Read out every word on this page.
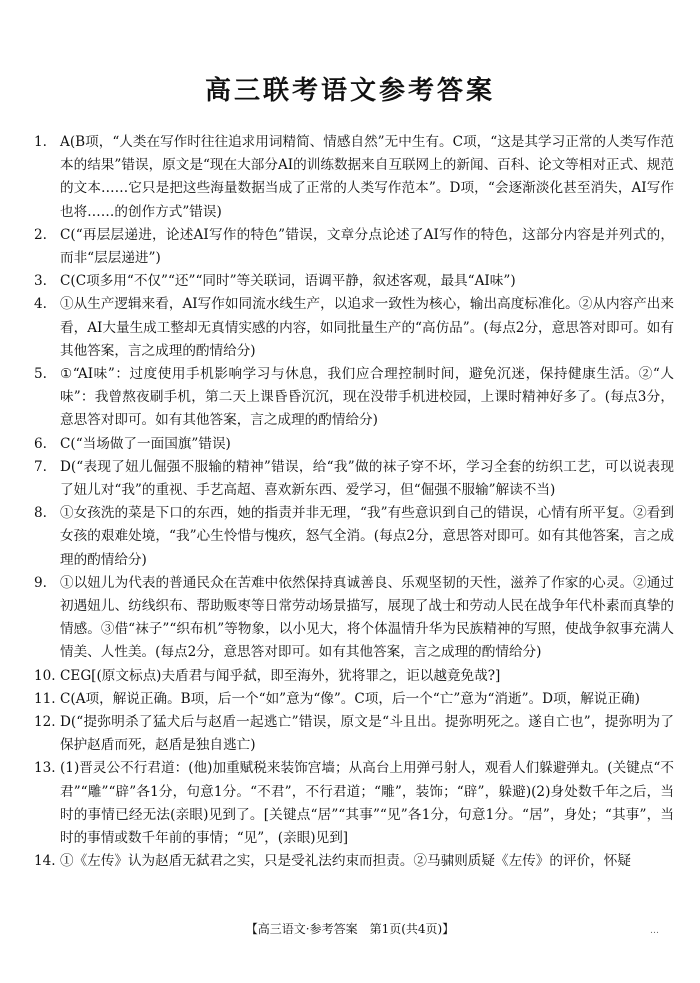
高三联考语文参考答案
1. A(B项，“人类在写作时往往追求用词精简、情感自然”无中生有。C项，“这是其学习正常的人类写作范本的结果”错误，原文是“现在大部分AI的训练数据来自互联网上的新闻、百科、论文等相对正式、规范的文本……它只是把这些海量数据当成了正常的人类写作范本”。D项，“会逐渐淡化甚至消失，AI写作也将……的创作方式”错误)
2. C(“再层层递进，论述AI写作的特色”错误，文章分点论述了AI写作的特色，这部分内容是并列式的，而非“层层递进”)
3. C(C项多用“不仅”“还”“同时”等关联词，语调平静，叙述客观，最具“AI味”)
4. ①从生产逻辑来看，AI写作如同流水线生产，以追求一致性为核心，输出高度标准化。②从内容产出来看，AI大量生成工整却无真情实感的内容，如同批量生产的“高仿品”。(每点2分，意思答对即可。如有其他答案，言之成理的酌情给分)
5. ①“AI味”：过度使用手机影响学习与休息，我们应合理控制时间，避免沉迷，保持健康生活。②“人味”：我曾熬夜刷手机，第二天上课昏昏沉沉，现在没带手机进校园，上课时精神好多了。(每点3分，意思答对即可。如有其他答案，言之成理的酌情给分)
6. C(“当场做了一面国旗”错误)
7. D(“表现了妞儿倔强不服输的精神”错误，给“我”做的袜子穿不坏，学习全套的纺织工艺，可以说表现了妞儿对“我”的重视、手艺高超、喜欢新东西、爱学习，但“倔强不服输”解读不当)
8. ①女孩洗的菜是下口的东西，她的指责并非无理，“我”有些意识到自己的错误，心情有所平复。②看到女孩的艰难处境，“我”心生怜惜与愧疚，怒气全消。(每点2分，意思答对即可。如有其他答案，言之成理的酌情给分)
9. ①以妞儿为代表的普通民众在苦难中依然保持真诚善良、乐观坚韧的天性，滋养了作家的心灵。②通过初遇妞儿、纺线织布、帮助贩枣等日常劳动场景描写，展现了战士和劳动人民在战争年代朴素而真挚的情感。③借“袜子”“织布机”等物象，以小见大，将个体温情升华为民族精神的写照，使战争叙事充满人情美、人性美。(每点2分，意思答对即可。如有其他答案，言之成理的酌情给分)
10. CEG[(原文标点)夫盾君与闻乎弑，即至海外，犹将罪之，讵以越竟免哉?]
11. C(A项，解说正确。B项，后一个“如”意为“像”。C项，后一个“亡”意为“消逝”。D项，解说正确)
12. D(“提弥明杀了猛犬后与赵盾一起逃亡”错误，原文是“斗且出。提弥明死之。遂自亡也”，提弥明为了保护赵盾而死，赵盾是独自逃亡)
13. (1)晋灵公不行君道：(他)加重赋税来装饰宫墙；从高台上用弹弓射人，观看人们躲避弹丸。(关键点“不君”“雕”“辟”各1分，句意1分。“不君”，不行君道；“雕”，装饰；“辟”，躲避)(2)身处数千年之后，当时的事情已经无法(亲眼)见到了。[关键点“居”“其事”“见”各1分，句意1分。“居”，身处；“其事”，当时的事情或数千年前的事情；“见”，(亲眼)见到]
14. ①《左传》认为赵盾无弑君之实，只是受礼法约束而担责。②马骕则质疑《左传》的评价，怀疑
【高三语文·参考答案　第1页(共4页)】	…
